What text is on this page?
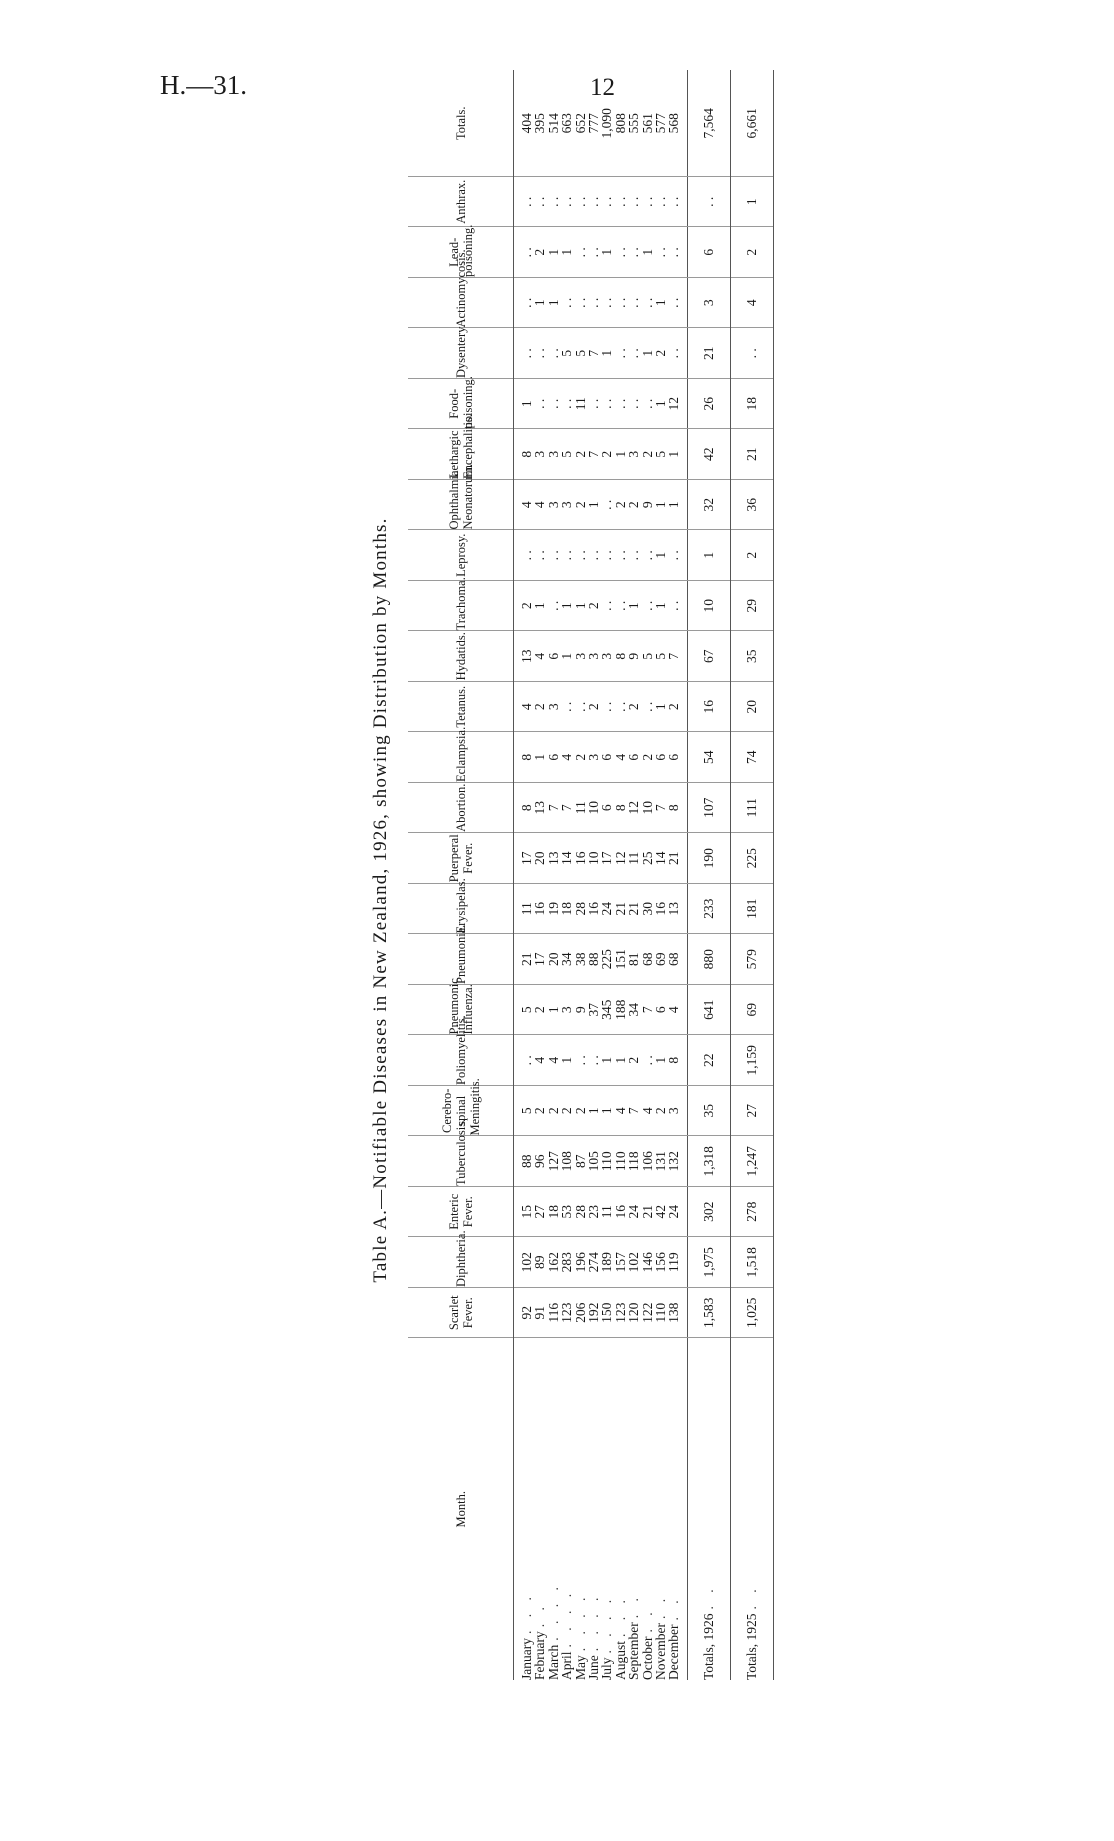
H.—31.	12
Table A.—Notifiable Diseases in New Zealand, 1926, showing Distribution by Months.
Month.	Scarlet Fever.	Diphtheria.	Enteric Fever.	Tuberculosis.	Cerebro-spinal Meningitis.	Poliomyelitis.	Pneumonic Influenza.	Pneumonia.	Erysipelas.	Puerperal Fever.	Abortion.	Eclampsia.	Tetanus.	Hydatids.	Trachoma.	Leprosy.	Ophthalmia Neonatorum.	Lethargic Encephalitis.	Food-poisoning.	Dysentery.	Actinomycosis.	Lead-poisoning.	Anthrax.	Totals.
January. . .	92	102	15	88	5	. .	5	21	11	17	8	8	4	13	2	. .	4	8	1	. .	. .	. .	. .	404
February. .	91	89	27	96	2	4	2	17	16	20	13	1	2	4	1	. .	4	3	. .	. .	1	2	. .	395
March. . . .	116	162	18	127	2	4	1	20	19	13	7	6	3	6	. .	. .	3	3	. .	. .	1	1	. .	514
April. . . .	123	283	53	108	2	1	3	34	18	14	7	4	. .	1	1	. .	3	5	. .	5	. .	1	. .	663
May. . . .	206	196	28	87	2	. .	9	38	28	16	11	2	. .	3	1	. .	2	2	11	5	. .	. .	. .	652
June. . . .	192	274	23	105	1	. .	37	88	16	10	10	3	2	3	2	. .	1	7	. .	7	. .	. .	. .	777
July. . . .	150	189	11	110	1	1	345	225	24	17	6	6	. .	3	. .	. .	. .	2	. .	1	. .	1	. .	1,090
August. . .	123	157	16	110	4	1	188	151	21	12	8	4	. .	8	. .	. .	2	1	. .	. .	. .	. .	. .	808
September. .	120	102	24	118	7	2	34	81	21	11	12	6	2	9	1	. .	2	3	. .	. .	. .	. .	. .	555
October. .	122	146	21	106	4	. .	7	68	30	25	10	2	. .	5	. .	. .	9	2	. .	1	. .	1	. .	561
November. .	110	156	42	131	2	1	6	69	16	14	7	6	1	5	1	1	1	5	1	2	1	. .	. .	577
December. .	138	119	24	132	3	8	4	68	13	21	8	6	2	7	. .	. .	1	1	12	. .	. .	. .	. .	568
Totals, 1926. .	1,583	1,975	302	1,318	35	22	641	880	233	190	107	54	16	67	10	1	32	42	26	21	3	6	. .	7,564
Totals, 1925. .	1,025	1,518	278	1,247	27	1,159	69	579	181	225	111	74	20	35	29	2	36	21	18	. .	4	2	1	6,661
